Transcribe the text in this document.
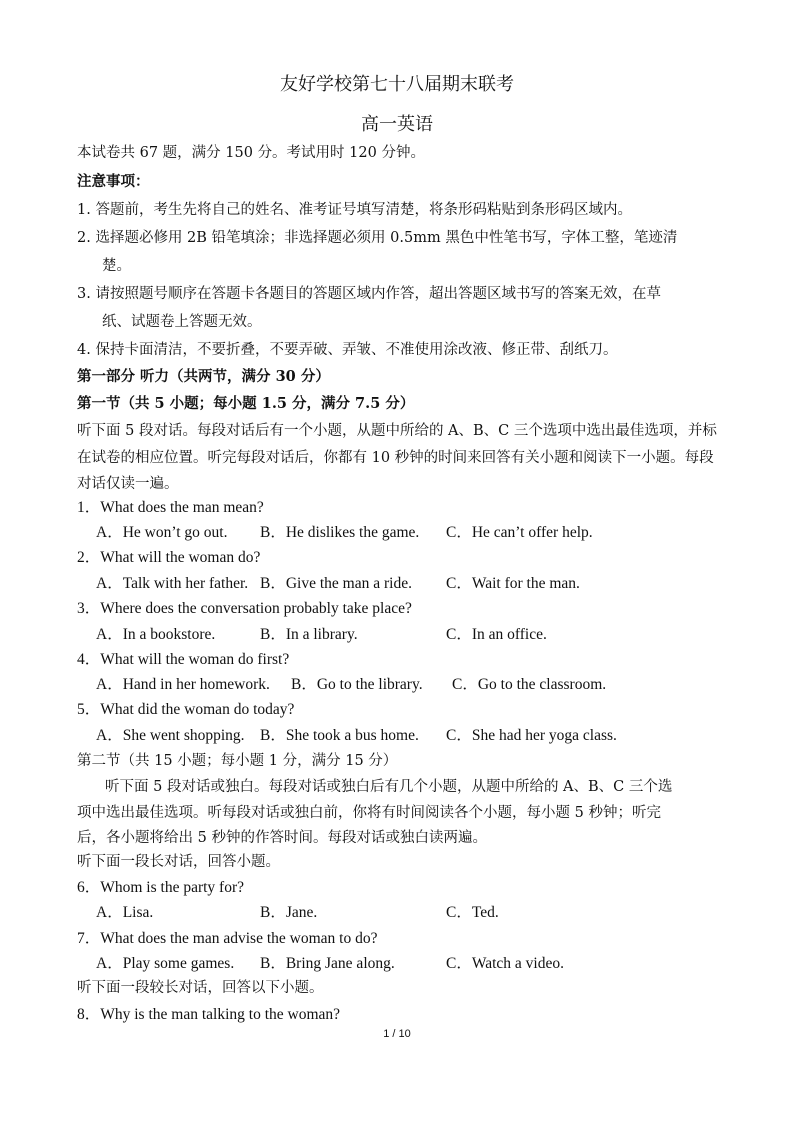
友好学校第七十八届期末联考
高一英语
本试卷共 67 题，满分 150 分。考试用时 120 分钟。
注意事项：
1. 答题前，考生先将自己的姓名、准考证号填写清楚，将条形码粘贴到条形码区域内。
2. 选择题必修用 2B 铅笔填涂；非选择题必须用 0.5mm 黑色中性笔书写，字体工整，笔迹清
楚。
3. 请按照题号顺序在答题卡各题目的答题区域内作答，超出答题区域书写的答案无效，在草
纸、试题卷上答题无效。
4. 保持卡面清洁，不要折叠，不要弄破、弄皱、不准使用涂改液、修正带、刮纸刀。
第一部分 听力（共两节，满分 30 分）
第一节（共 5 小题；每小题 1.5 分，满分 7.5 分）
听下面 5 段对话。每段对话后有一个小题，从题中所给的 A、B、C 三个选项中选出最佳选项，并标
在试卷的相应位置。听完每段对话后，你都有 10 秒钟的时间来回答有关小题和阅读下一小题。每段
对话仅读一遍。
1．What does the man mean?
A．He won’t go out. B．He dislikes the game. C．He can’t offer help.
2．What will the woman do?
A．Talk with her father. B．Give the man a ride. C．Wait for the man.
3．Where does the conversation probably take place?
A．In a bookstore.	B．In a library.	C．In an office.
4．What will the woman do first?
A．Hand in her homework. B．Go to the library. C．Go to the classroom.
5．What did the woman do today?
A．She went shopping. B．She took a bus home. C．She had her yoga class.
第二节（共 15 小题；每小题 1 分，满分 15 分）
听下面 5 段对话或独白。每段对话或独白后有几个小题，从题中所给的 A、B、C 三个选
项中选出最佳选项。听每段对话或独白前，你将有时间阅读各个小题，每小题 5 秒钟；听完
后，各小题将给出 5 秒钟的作答时间。每段对话或独白读两遍。
听下面一段长对话，回答小题。
6．Whom is the party for?
A．Lisa.	B．Jane.	C．Ted.
7．What does the man advise the woman to do?
A．Play some games. B．Bring Jane along.	C．Watch a video.
听下面一段较长对话，回答以下小题。
8．Why is the man talking to the woman?
1 / 10
